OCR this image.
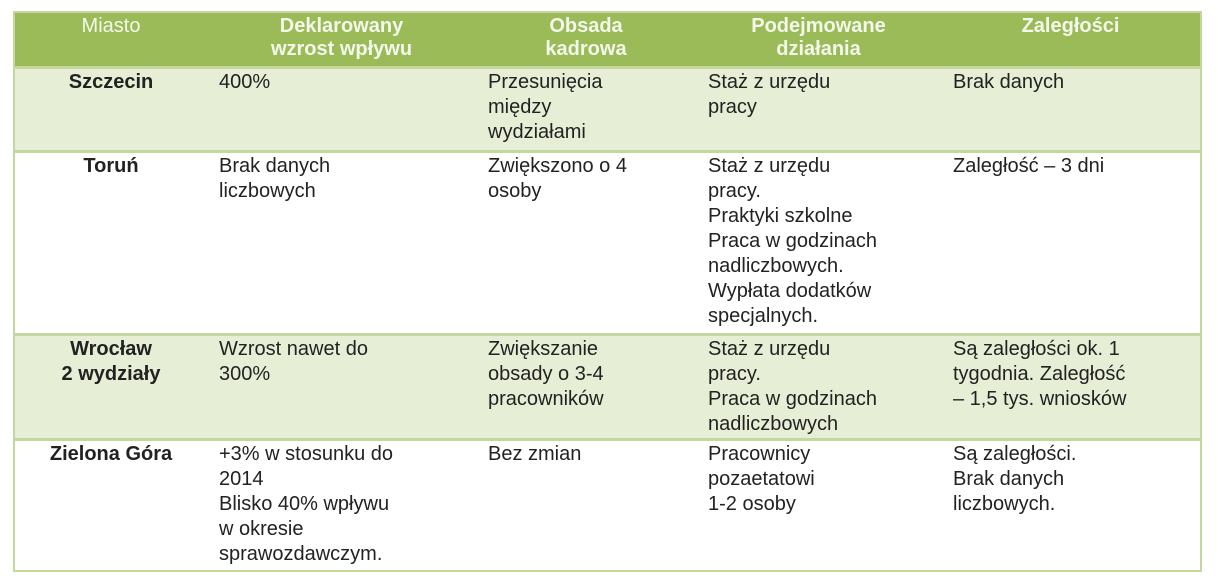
Miasto	Deklarowany
wzrost wpływu	Obsada
kadrowa	Podejmowane
działania	Zaległości
Szczecin	400%	Przesunięcia
między
wydziałami	Staż z urzędu
pracy	Brak danych
Toruń	Brak danych
liczbowych	Zwiększono o 4
osoby	Staż z urzędu
pracy.
Praktyki szkolne
Praca w godzinach
nadliczbowych.
Wypłata dodatków
specjalnych.	Zaległość – 3 dni
Wrocław
2 wydziały	Wzrost nawet do
300%	Zwiększanie
obsady o 3-4
pracowników	Staż z urzędu
pracy.
Praca w godzinach
nadliczbowych	Są zaległości ok. 1
tygodnia. Zaległość
– 1,5 tys. wniosków
Zielona Góra	+3% w stosunku do
2014
Blisko 40% wpływu
w okresie
sprawozdawczym.	Bez zmian	Pracownicy
pozaetatowi
1-2 osoby	Są zaległości.
Brak danych
liczbowych.
